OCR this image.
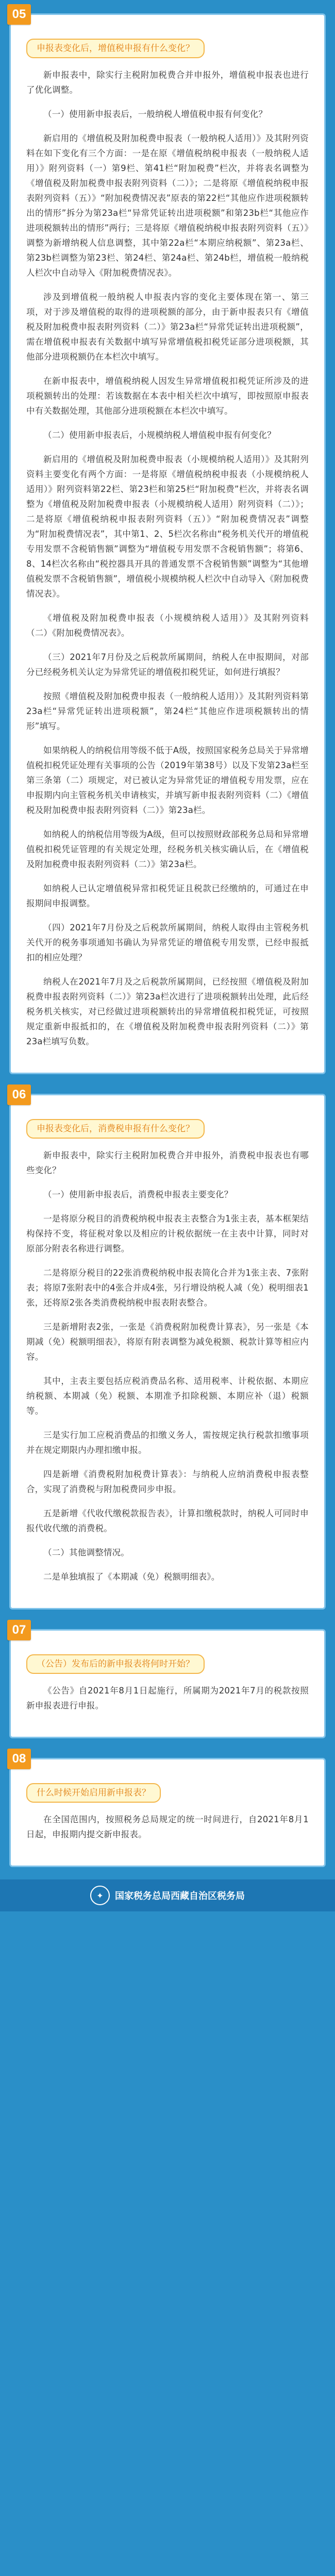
05
申报表变化后，增值税申报有什么变化？

新申报表中，除实行主税附加税费合并申报外，增值税申报表也进行了优化调整。

（一）使用新申报表后，一般纳税人增值税申报有何变化？

新启用的《增值税及附加税费申报表（一般纳税人适用）》及其附列资料在如下变化有三个方面：一是在原《增值税纳税申报表（一般纳税人适用）》附列资料（一）第9栏、第41栏“附加税费”栏次，并将表名调整为《增值税及附加税费申报表附列资料（二）》；二是将原《增值税纳税申报表附列资料（五）》“附加税费情况表”原表的第22栏“其他应作进项税额转出的情形”拆分为第23a栏“异常凭证转出进项税额”和第23b栏“其他应作进项税额转出的情形”两行；三是将原《增值税纳税申报表附列资料（五）》调整为新增纳税人信息调整，其中第22a栏“本期应纳税额”、第23a栏、第23b栏调整为第23栏、第24栏、第24a栏、第24b栏，增值税一般纳税人栏次中自动导入《附加税费情况表》。

涉及到增值税一般纳税人申报表内容的变化主要体现在第一、第三项，对于涉及增值税的取得的进项税额的部分，由于新申报表只有《增值税及附加税费申报表附列资料（二）》第23a栏“异常凭证转出进项税额”，需在增值税申报表有关数据中填写异常增值税扣税凭证部分进项税额，其他部分进项税额仍在本栏次中填写。

在新申报表中，增值税纳税人因发生异常增值税扣税凭证所涉及的进项税额转出的处理：若该数据在本表中相关栏次中填写，即按照原申报表中有关数据处理，其他部分进项税额在本栏次中填写。

（二）使用新申报表后，小规模纳税人增值税申报有何变化？

新启用的《增值税及附加税费申报表（小规模纳税人适用）》及其附列资料主要变化有两个方面：一是将原《增值税纳税申报表（小规模纳税人适用）》附列资料第22栏、第23栏和第25栏“附加税费”栏次，并将表名调整为《增值税及附加税费申报表（小规模纳税人适用）附列资料（二）》；二是将原《增值税纳税申报表附列资料（五）》“附加税费情况表”调整为“附加税费情况表”，其中第1、2、5栏次名称由“税务机关代开的增值税专用发票不含税销售额”调整为“增值税专用发票不含税销售额”；将第6、8、14栏次名称由“税控器具开具的普通发票不含税销售额”调整为“其他增值税发票不含税销售额”，增值税小规模纳税人栏次中自动导入《附加税费情况表》。

《增值税及附加税费申报表（小规模纳税人适用）》及其附列资料（二）《附加税费情况表》。

（三）2021年7月份及之后税款所属期间，纳税人在申报期间，对部分已经税务机关认定为异常凭证的增值税扣税凭证，如何进行填报？

按照《增值税及附加税费申报表（一般纳税人适用）》及其附列资料第23a栏“异常凭证转出进项税额”，第24栏“其他应作进项税额转出的情形”填写。

如果纳税人的纳税信用等级不低于A级，按照国家税务总局关于异常增值税扣税凭证处理有关事项的公告（2019年第38号）以及下发第23a栏至第三条第（二）项规定，对已被认定为异常凭证的增值税专用发票，应在申报期内向主管税务机关申请核实，并填写新申报表附列资料（二）《增值税及附加税费申报表附列资料（二）》第23a栏。

如纳税人的纳税信用等级为A级，但可以按照财政部税务总局和异常增值税扣税凭证管理的有关规定处理，经税务机关核实确认后，在《增值税及附加税费申报表附列资料（二）》第23a栏。

如纳税人已认定增值税异常扣税凭证且税款已经缴纳的，可通过在申报期间申报调整。

（四）2021年7月份及之后税款所属期间，纳税人取得由主管税务机关代开的税务事项通知书确认为异常凭证的增值税专用发票，已经申报抵扣的相应处理？

纳税人在2021年7月及之后税款所属期间，已经按照《增值税及附加税费申报表附列资料（二）》第23a栏次进行了进项税额转出处理，此后经税务机关核实，对已经做过进项税额转出的异常增值税扣税凭证，可按照规定重新申报抵扣的，在《增值税及附加税费申报表附列资料（二）》第23a栏填写负数。

06
申报表变化后，消费税申报有什么变化？

新申报表中，除实行主税附加税费合并申报外，消费税申报表也有哪些变化？

（一）使用新申报表后，消费税申报表主要变化？

一是将原分税目的消费税纳税申报表主表整合为1张主表，基本框架结构保持不变，将征税对象以及相应的计税依据统一在主表中计算，同时对原部分附表名称进行调整。

二是将原分税目的22张消费税纳税申报表简化合并为1张主表、7张附表；将原7张附表中的4张合并成4张，另行增设纳税人减（免）税明细表1张，还将原2张各类消费税纳税申报表附表整合。

三是新增附表2张，一张是《消费税附加税费计算表》，另一张是《本期减（免）税额明细表》，将原有附表调整为减免税额、税款计算等相应内容。

其中，主表主要包括应税消费品名称、适用税率、计税依据、本期应纳税额、本期减（免）税额、本期准予扣除税额、本期应补（退）税额等。

三是实行加工应税消费品的扣缴义务人，需按规定执行税款扣缴事项并在规定期限内办理扣缴申报。

四是新增《消费税附加税费计算表》：与纳税人应纳消费税申报表整合，实现了消费税与附加税费同步申报。

五是新增《代收代缴税款报告表》，计算扣缴税款时，纳税人可同时申报代收代缴的消费税。

（二）其他调整情况。

二是单独填报了《本期减（免）税额明细表》。

07
（公告）发布后的新申报表将何时开始？

《公告》自2021年8月1日起施行，所属期为2021年7月的税款按照新申报表进行申报。

08
什么时候开始启用新申报表？

在全国范围内，按照税务总局规定的统一时间进行，自2021年8月1日起，申报期内提交新申报表。

✦	国家税务总局西藏自治区税务局
